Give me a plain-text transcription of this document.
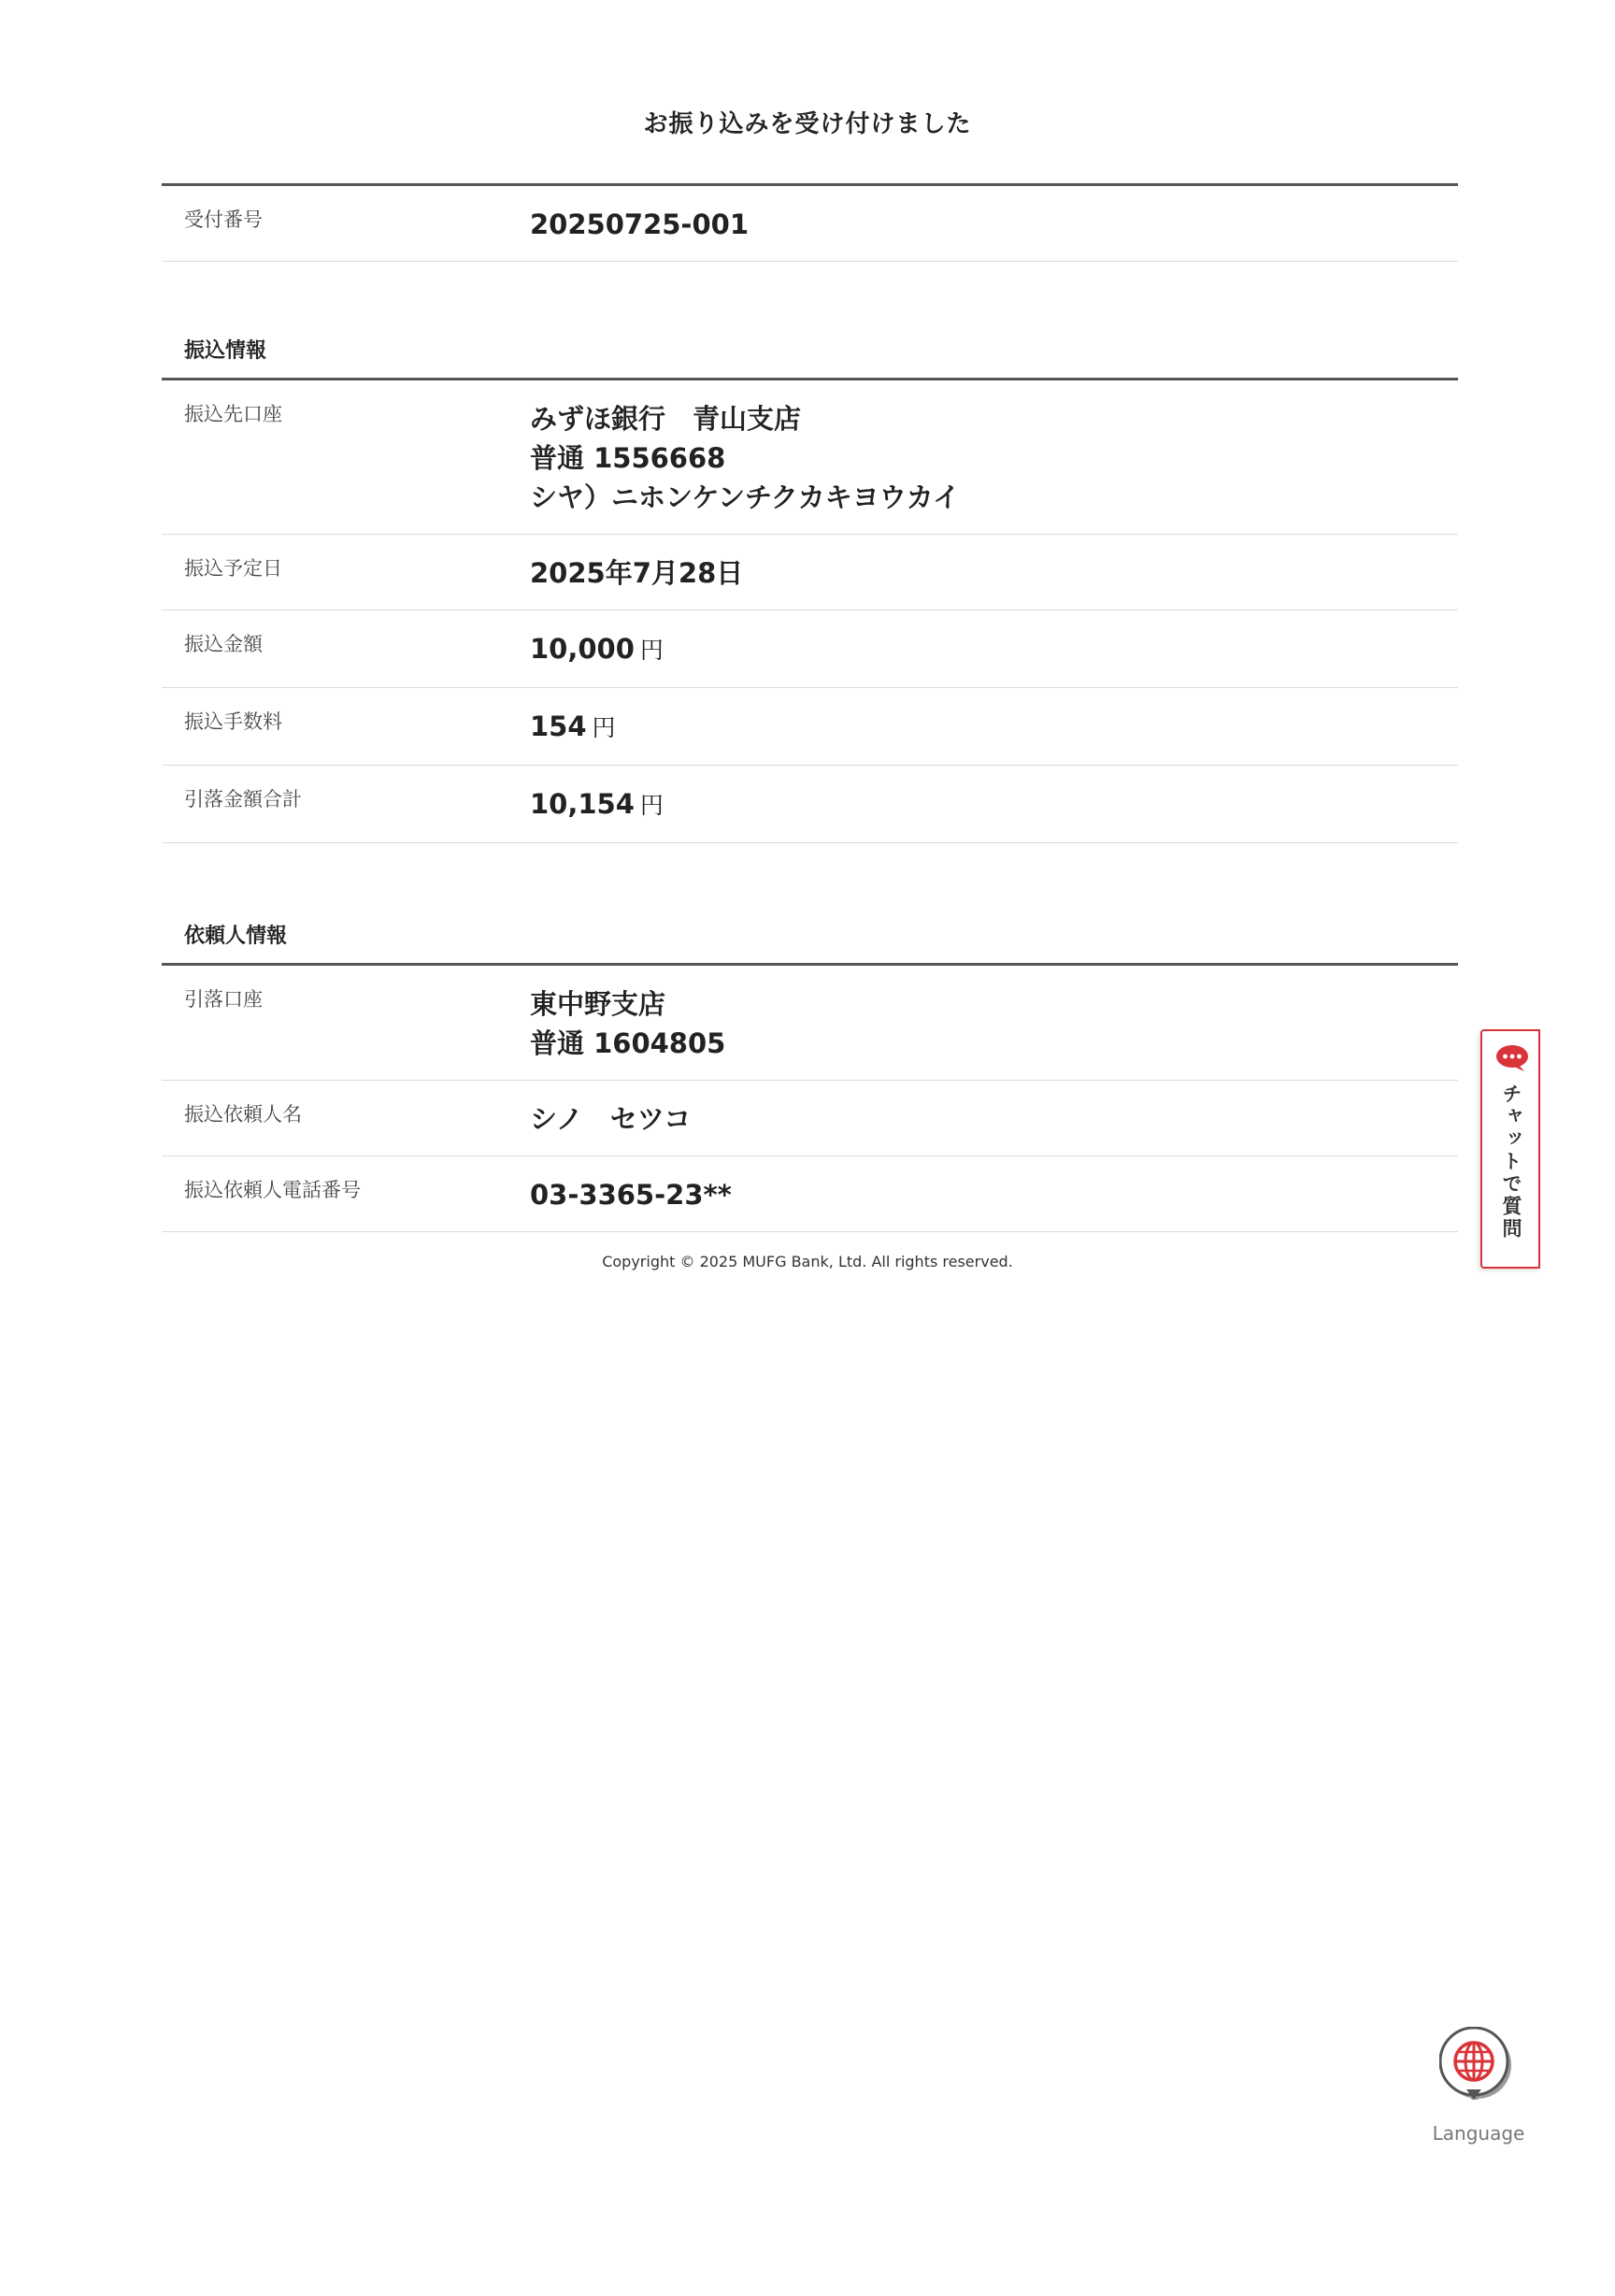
お振り込みを受け付けました
受付番号	20250725-001
振込情報
振込先口座	みずほ銀行　青山支店
普通 1556668
シヤ）ニホンケンチクカキヨウカイ
振込予定日	2025年7月28日
振込金額	10,000 円
振込手数料	154 円
引落金額合計	10,154 円
依頼人情報
引落口座	東中野支店
普通 1604805
振込依頼人名	シノ　セツコ
振込依頼人電話番号	03-3365-23**
Copyright © 2025 MUFG Bank, Ltd. All rights reserved.
チャットで質問
Language
